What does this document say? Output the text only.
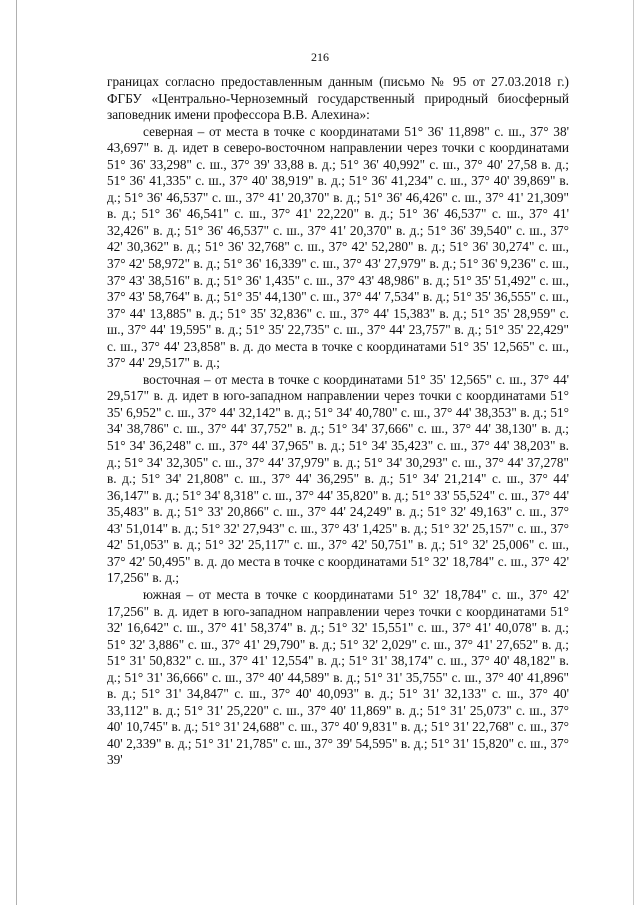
216

границах согласно предоставленным данным (письмо № 95 от 27.03.2018 г.) ФГБУ «Центрально-Черноземный государственный природный биосферный заповедник имени профессора В.В. Алехина»:

северная – от места в точке с координатами 51° 36' 11,898" с. ш., 37° 38' 43,697" в. д. идет в северо-восточном направлении через точки с координатами 51° 36' 33,298" с. ш., 37° 39' 33,88 в. д.; 51° 36' 40,992" с. ш., 37° 40' 27,58 в. д.; 51° 36' 41,335" с. ш., 37° 40' 38,919" в. д.; 51° 36' 41,234" с. ш., 37° 40' 39,869" в. д.; 51° 36' 46,537" с. ш., 37° 41' 20,370" в. д.; 51° 36' 46,426" с. ш., 37° 41' 21,309" в. д.; 51° 36' 46,541" с. ш., 37° 41' 22,220" в. д.; 51° 36' 46,537" с. ш., 37° 41' 32,426" в. д.; 51° 36' 46,537" с. ш., 37° 41' 20,370" в. д.; 51° 36' 39,540" с. ш., 37° 42' 30,362" в. д.; 51° 36' 32,768" с. ш., 37° 42' 52,280" в. д.; 51° 36' 30,274" с. ш., 37° 42' 58,972" в. д.; 51° 36' 16,339" с. ш., 37° 43' 27,979" в. д.; 51° 36' 9,236" с. ш., 37° 43' 38,516" в. д.; 51° 36' 1,435" с. ш., 37° 43' 48,986" в. д.; 51° 35' 51,492" с. ш., 37° 43' 58,764" в. д.; 51° 35' 44,130" с. ш., 37° 44' 7,534" в. д.; 51° 35' 36,555" с. ш., 37° 44' 13,885" в. д.; 51° 35' 32,836" с. ш., 37° 44' 15,383" в. д.; 51° 35' 28,959" с. ш., 37° 44' 19,595" в. д.; 51° 35' 22,735" с. ш., 37° 44' 23,757" в. д.; 51° 35' 22,429" с. ш., 37° 44' 23,858" в. д. до места в точке с координатами 51° 35' 12,565" с. ш., 37° 44' 29,517" в. д.;

восточная – от места в точке с координатами 51° 35' 12,565" с. ш., 37° 44' 29,517" в. д. идет в юго-западном направлении через точки с координатами 51° 35' 6,952" с. ш., 37° 44' 32,142" в. д.; 51° 34' 40,780" с. ш., 37° 44' 38,353" в. д.; 51° 34' 38,786" с. ш., 37° 44' 37,752" в. д.; 51° 34' 37,666" с. ш., 37° 44' 38,130" в. д.; 51° 34' 36,248" с. ш., 37° 44' 37,965" в. д.; 51° 34' 35,423" с. ш., 37° 44' 38,203" в. д.; 51° 34' 32,305" с. ш., 37° 44' 37,979" в. д.; 51° 34' 30,293" с. ш., 37° 44' 37,278" в. д.; 51° 34' 21,808" с. ш., 37° 44' 36,295" в. д.; 51° 34' 21,214" с. ш., 37° 44' 36,147" в. д.; 51° 34' 8,318" с. ш., 37° 44' 35,820" в. д.; 51° 33' 55,524" с. ш., 37° 44' 35,483" в. д.; 51° 33' 20,866" с. ш., 37° 44' 24,249" в. д.; 51° 32' 49,163" с. ш., 37° 43' 51,014" в. д.; 51° 32' 27,943" с. ш., 37° 43' 1,425" в. д.; 51° 32' 25,157" с. ш., 37° 42' 51,053" в. д.; 51° 32' 25,117" с. ш., 37° 42' 50,751" в. д.; 51° 32' 25,006" с. ш., 37° 42' 50,495" в. д. до места в точке с координатами 51° 32' 18,784" с. ш., 37° 42' 17,256" в. д.;

южная – от места в точке с координатами 51° 32' 18,784" с. ш., 37° 42' 17,256" в. д. идет в юго-западном направлении через точки с координатами 51° 32' 16,642" с. ш., 37° 41' 58,374" в. д.; 51° 32' 15,551" с. ш., 37° 41' 40,078" в. д.; 51° 32' 3,886" с. ш., 37° 41' 29,790" в. д.; 51° 32' 2,029" с. ш., 37° 41' 27,652" в. д.; 51° 31' 50,832" с. ш., 37° 41' 12,554" в. д.; 51° 31' 38,174" с. ш., 37° 40' 48,182" в. д.; 51° 31' 36,666" с. ш., 37° 40' 44,589" в. д.; 51° 31' 35,755" с. ш., 37° 40' 41,896" в. д.; 51° 31' 34,847" с. ш., 37° 40' 40,093" в. д.; 51° 31' 32,133" с. ш., 37° 40' 33,112" в. д.; 51° 31' 25,220" с. ш., 37° 40' 11,869" в. д.; 51° 31' 25,073" с. ш., 37° 40' 10,745" в. д.; 51° 31' 24,688" с. ш., 37° 40' 9,831" в. д.; 51° 31' 22,768" с. ш., 37° 40' 2,339" в. д.; 51° 31' 21,785" с. ш., 37° 39' 54,595" в. д.; 51° 31' 15,820" с. ш., 37° 39'
